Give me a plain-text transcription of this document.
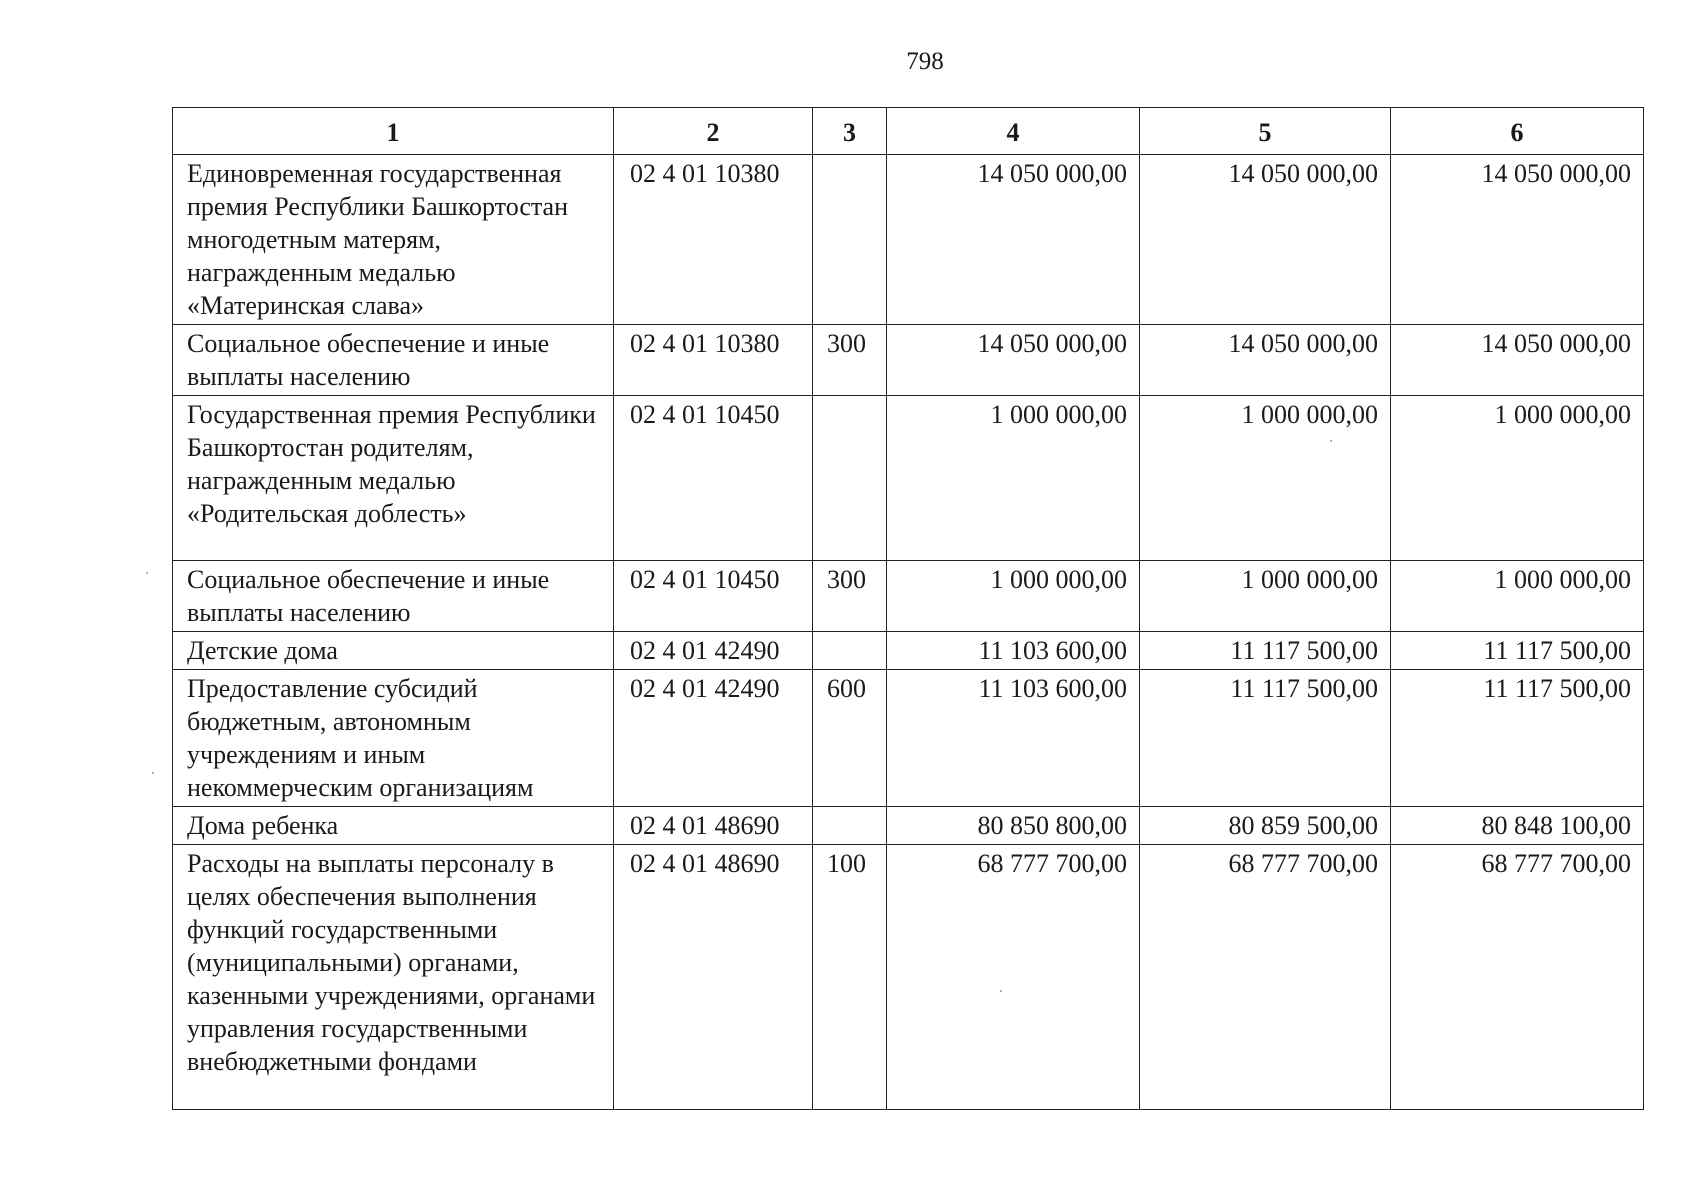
798
1	2	3	4	5	6
Единовременная государственная премия Республики Башкортостан многодетным матерям, награжденным медалью «Материнская слава»	02 4 01 10380		14 050 000,00	14 050 000,00	14 050 000,00
Социальное обеспечение и иные выплаты населению	02 4 01 10380	300	14 050 000,00	14 050 000,00	14 050 000,00
Государственная премия Республики Башкортостан родителям, награжденным медалью «Родительская доблесть»	02 4 01 10450		1 000 000,00	1 000 000,00	1 000 000,00
Социальное обеспечение и иные выплаты населению	02 4 01 10450	300	1 000 000,00	1 000 000,00	1 000 000,00
Детские дома	02 4 01 42490		11 103 600,00	11 117 500,00	11 117 500,00
Предоставление субсидий бюджетным, автономным учреждениям и иным некоммерческим организациям	02 4 01 42490	600	11 103 600,00	11 117 500,00	11 117 500,00
Дома ребенка	02 4 01 48690		80 850 800,00	80 859 500,00	80 848 100,00
Расходы на выплаты персоналу в целях обеспечения выполнения функций государственными (муниципальными) органами, казенными учреждениями, органами управления государственными внебюджетными фондами	02 4 01 48690	100	68 777 700,00	68 777 700,00	68 777 700,00
